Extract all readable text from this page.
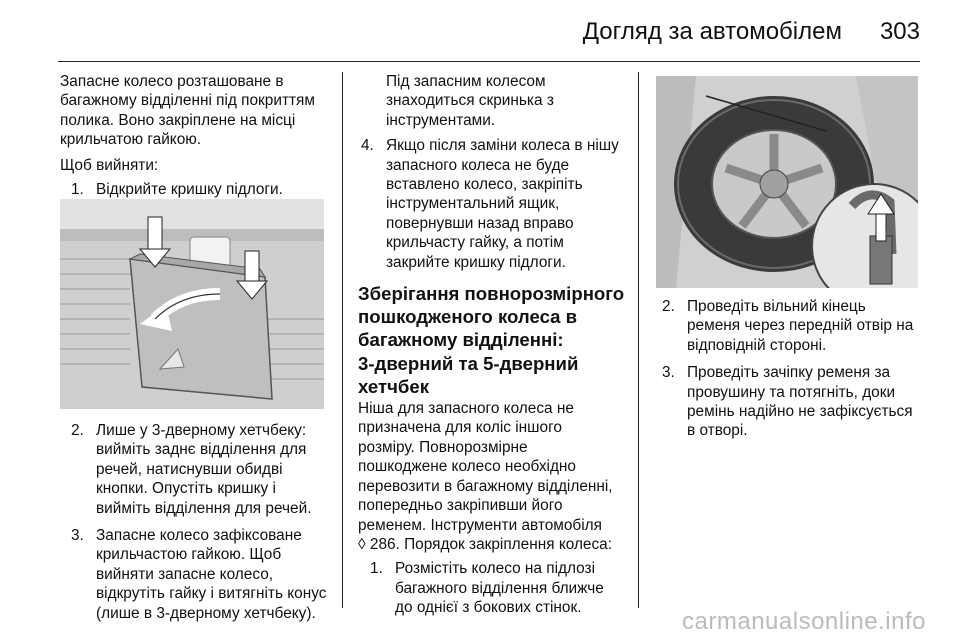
Догляд за автомобілем 303

Запасне колесо розташоване в
багажному відділенні під покриттям
полика. Воно закріплене на місці
крильчатою гайкою.

Щоб вийняти:

1. Відкрийте кришку підлоги.
2. Лише у 3-дверному хетчбеку:
вийміть заднє відділення для
речей, натиснувши обидві
кнопки. Опустіть кришку і
вийміть відділення для речей.
3. Запасне колесо зафіксоване
крильчастою гайкою. Щоб
вийняти запасне колесо,
відкрутіть гайку і витягніть конус
(лише в 3-дверному хетчбеку).

Під запасним колесом
знаходиться скринька з
інструментами.

4. Якщо після заміни колеса в нішу
запасного колеса не буде
вставлено колесо, закріпіть
інструментальний ящик,
повернувши назад вправо
крильчасту гайку, а потім
закрийте кришку підлоги.
Зберігання повнорозмірного
пошкодженого колеса в
багажному відділенні:
3-дверний та 5-дверний
хетчбек

Ніша для запасного колеса не
призначена для коліс іншого
розміру. Повнорозмірне
пошкоджене колесо необхідно
перевозити в багажному відділенні,
попередньо закріпивши його
ременем. Інструменти автомобіля
◊ 286. Порядок закріплення колеса:

1. Розмістіть колесо на підлозі
багажного відділення ближче
до однієї з бокових стінок.
2. Проведіть вільний кінець
ременя через передній отвір на
відповідній стороні.
3. Проведіть зачіпку ременя за
провушину та потягніть, доки
ремінь надійно не зафіксується
в отворі.
carmanualsonline.info
